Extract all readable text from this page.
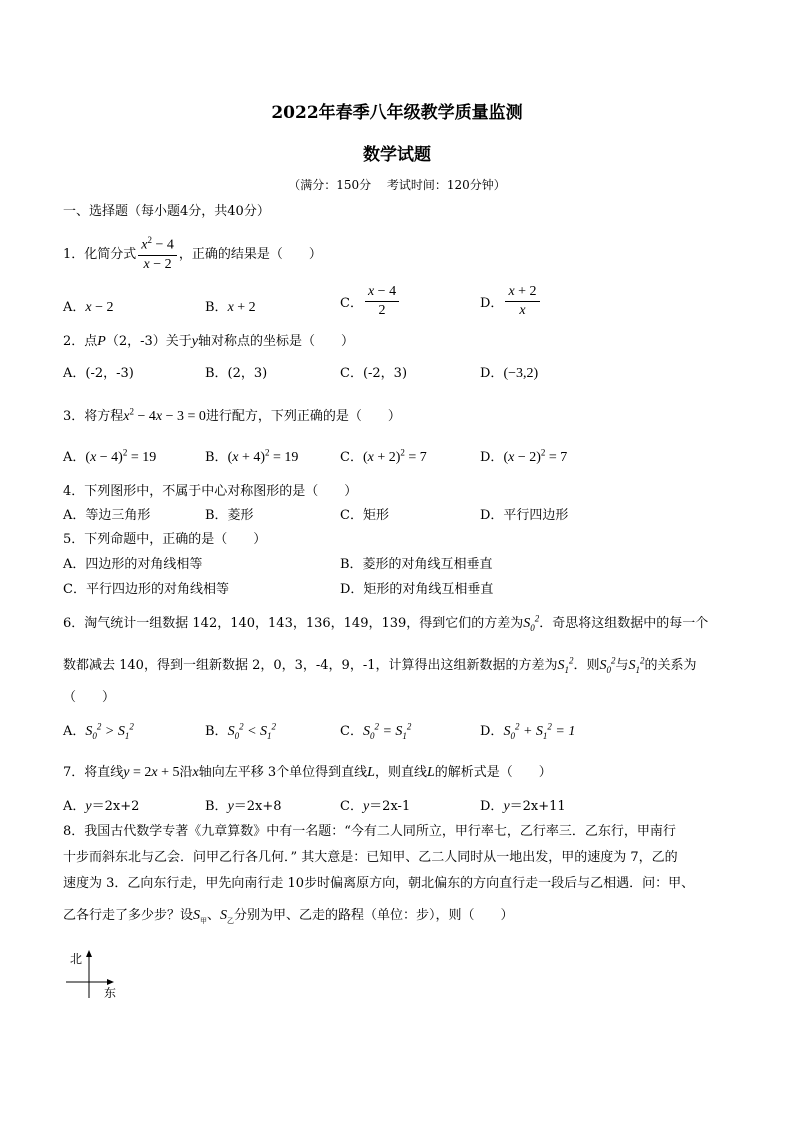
2022年春季八年级教学质量监测
数学试题
（满分：150分　 考试时间：120分钟）
一、选择题（每小题4分，共40分）
1．化简分式 $\frac{x^2 - 4}{x - 2}$ ，正确的结果是（　　）
A．x − 2	B．x + 2	C． $\frac{x - 4}{2}$	D． $\frac{x + 2}{x}$
2．点P（2，-3）关于y轴对称点的坐标是（　　）
A．(-2，-3)	B．(2，3)	C．(-2，3)	D．(−3,2)
3．将方程$x^2 - 4x - 3 = 0$进行配方，下列正确的是（　　）
A．$(x - 4)^2 = 19$	B．$(x + 4)^2 = 19$	C．$(x + 2)^2 = 7$	D．$(x - 2)^2 = 7$
4．下列图形中，不属于中心对称图形的是（　　）
A．等边三角形	B．菱形	C．矩形	D．平行四边形
5．下列命题中，正确的是（　　）
A．四边形的对角线相等	B．菱形的对角线互相垂直
C．平行四边形的对角线相等	D．矩形的对角线互相垂直
6．淘气统计一组数据 142，140，143，136，149，139，得到它们的方差为$S_0^2$．奇思将这组数据中的每一个
数都减去 140，得到一组新数据 2，0，3，-4，9，-1，计算得出这组新数据的方差为$S_1^2$．则$S_0^2$与$S_1^2$的关系为
（　　）
A．$S_0^2 > S_1^2$	B．$S_0^2 < S_1^2$	C．$S_0^2 = S_1^2$	D．$S_0^2 + S_1^2 = 1$
7．将直线y = 2x + 5沿x轴向左平移 3个单位得到直线L，则直线L的解析式是（　　）
A．y＝2x+2	B．y＝2x+8	C．y＝2x-1	D．y＝2x+11
8．我国古代数学专著《九章算数》中有一名题：“今有二人同所立，甲行率七，乙行率三．乙东行，甲南行
十步而斜东北与乙会．问甲乙行各几何．” 其大意是：已知甲、乙二人同时从一地出发，甲的速度为 7，乙的
速度为 3．乙向东行走，甲先向南行走 10步时偏离原方向，朝北偏东的方向直行走一段后与乙相遇．问：甲、
乙各行走了多少步？设$S_甲$、$S_乙$分别为甲、乙走的路程（单位：步），则（　　）
北
东
